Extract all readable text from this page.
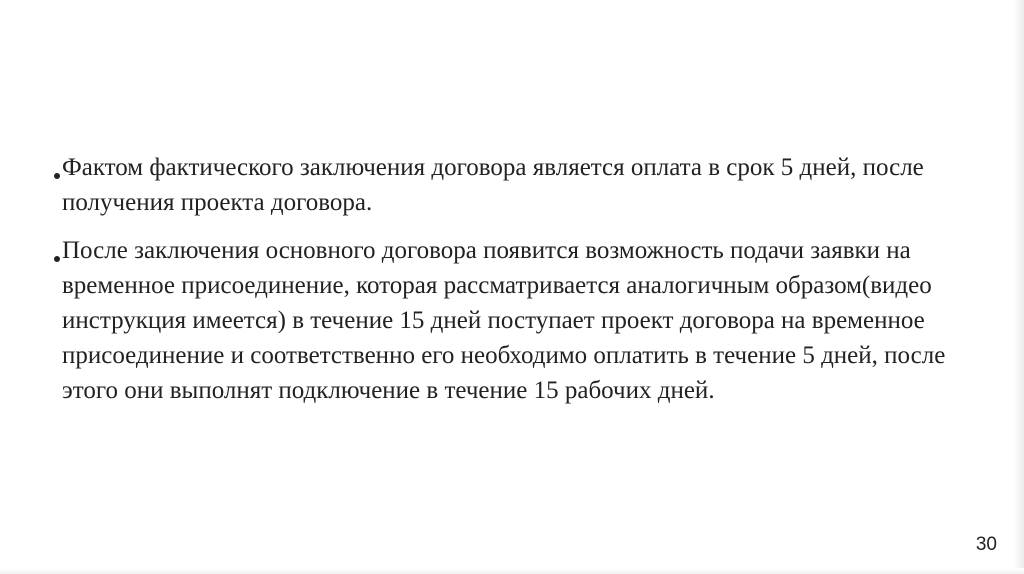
Фактом фактического заключения договора является оплата в срок 5 дней, после получения проекта договора.
После заключения основного договора появится возможность подачи заявки на временное присоединение, которая рассматривается аналогичным образом(видео инструкция имеется) в течение 15 дней поступает проект договора на временное присоединение и соответственно его необходимо оплатить в течение 5 дней, после этого они выполнят подключение в течение 15 рабочих дней.
30
